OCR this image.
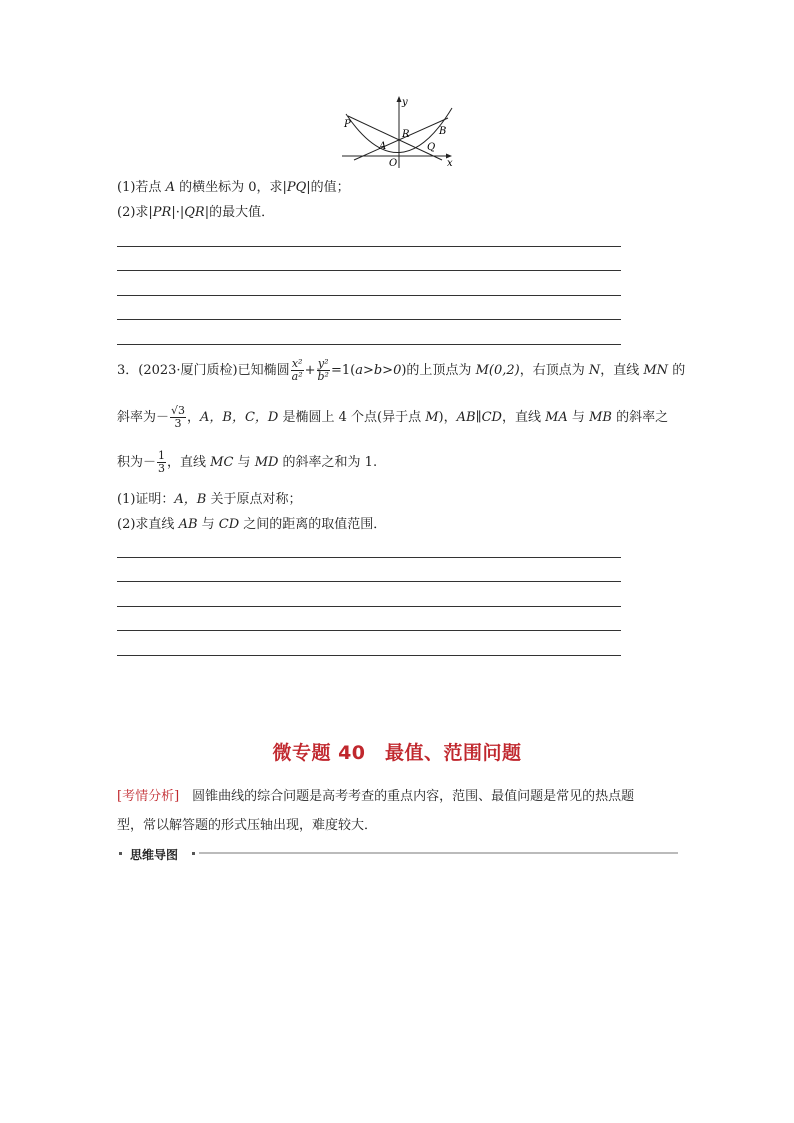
y
P
R	B
A	Q
O	x
(1)若点 A 的横坐标为 0，求|PQ|的值；
(2)求|PR|·|QR|的最大值．
3．(2023·厦门质检)已知椭圆 $\frac{\text{x²}}{\text{a²}} + \frac{\text{y²}}{\text{b²}} =1(a>b>0)$的上顶点为 M(0,2)，右顶点为 N，直线 MN 的
斜率为－ $\frac{√3}{3}$ ，A，B，C，D 是椭圆上 4 个点(异于点 M)，AB∥CD，直线 MA 与 MB 的斜率之
积为－ $\frac{1}{3}$ ，直线 MC 与 MD 的斜率之和为 1.
(1)证明：A，B 关于原点对称；
(2)求直线 AB 与 CD 之间的距离的取值范围．
微专题 40　最值、范围问题
[考情分析]　圆锥曲线的综合问题是高考考查的重点内容，范围、最值问题是常见的热点题
型，常以解答题的形式压轴出现，难度较大．
思维导图
